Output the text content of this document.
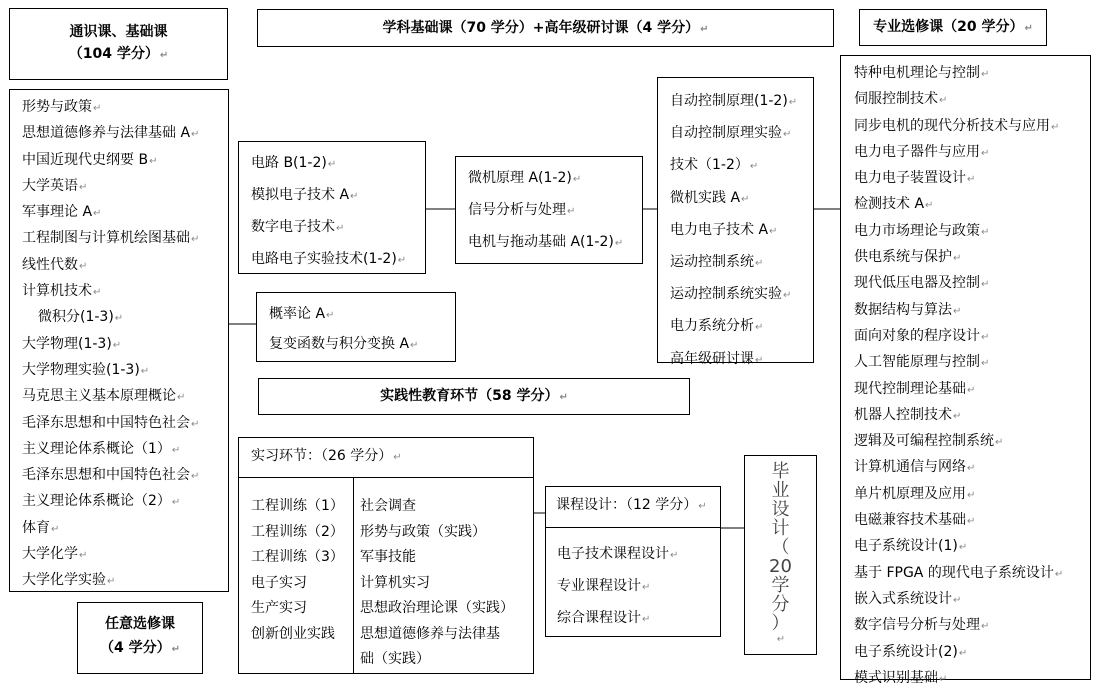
通识课、基础课
（104 学分）↵
学科基础课（70 学分）+高年级研讨课（4 学分）↵	专业选修课（20 学分）↵
形势与政策↵
思想道德修养与法律基础 A↵
中国近现代史纲要 B↵
大学英语↵
军事理论 A↵
工程制图与计算机绘图基础↵
线性代数↵
计算机技术↵
微积分(1-3)↵
大学物理(1-3)↵
大学物理实验(1-3)↵
马克思主义基本原理概论↵
毛泽东思想和中国特色社会↵
主义理论体系概论（1）↵
毛泽东思想和中国特色社会↵
主义理论体系概论（2）↵
体育↵
大学化学↵
大学化学实验↵
电路 B(1-2)↵
模拟电子技术 A↵
数字电子技术↵
电路电子实验技术(1-2)↵
概率论 A↵
复变函数与积分变换 A↵
微机原理 A(1-2)↵
信号分析与处理↵
电机与拖动基础 A(1-2)↵
自动控制原理(1-2)↵
自动控制原理实验↵
技术（1-2）↵
微机实践 A↵
电力电子技术 A↵
运动控制系统↵
运动控制系统实验↵
电力系统分析↵
高年级研讨课↵
特种电机理论与控制↵
伺服控制技术↵
同步电机的现代分析技术与应用↵
电力电子器件与应用↵
电力电子装置设计↵
检测技术 A↵
电力市场理论与政策↵
供电系统与保护↵
现代低压电器及控制↵
数据结构与算法↵
面向对象的程序设计↵
人工智能原理与控制↵
现代控制理论基础↵
机器人控制技术↵
逻辑及可编程控制系统↵
计算机通信与网络↵
单片机原理及应用↵
电磁兼容技术基础↵
电子系统设计(1)↵
基于 FPGA 的现代电子系统设计↵
嵌入式系统设计↵
数字信号分析与处理↵
电子系统设计(2)↵
模式识别基础↵
实践性教育环节（58 学分）↵
实习环节：（26 学分）↵
工程训练（1）
工程训练（2）
工程训练（3）
电子实习
生产实习
创新创业实践
社会调查
形势与政策（实践）
军事技能
计算机实习
思想政治理论课（实践）
思想道德修养与法律基
础（实践）
课程设计：（12 学分）↵
电子技术课程设计↵
专业课程设计↵
综合课程设计↵
毕
业
设
计
（
20
学
分
）
↵
任意选修课
（4 学分）↵
